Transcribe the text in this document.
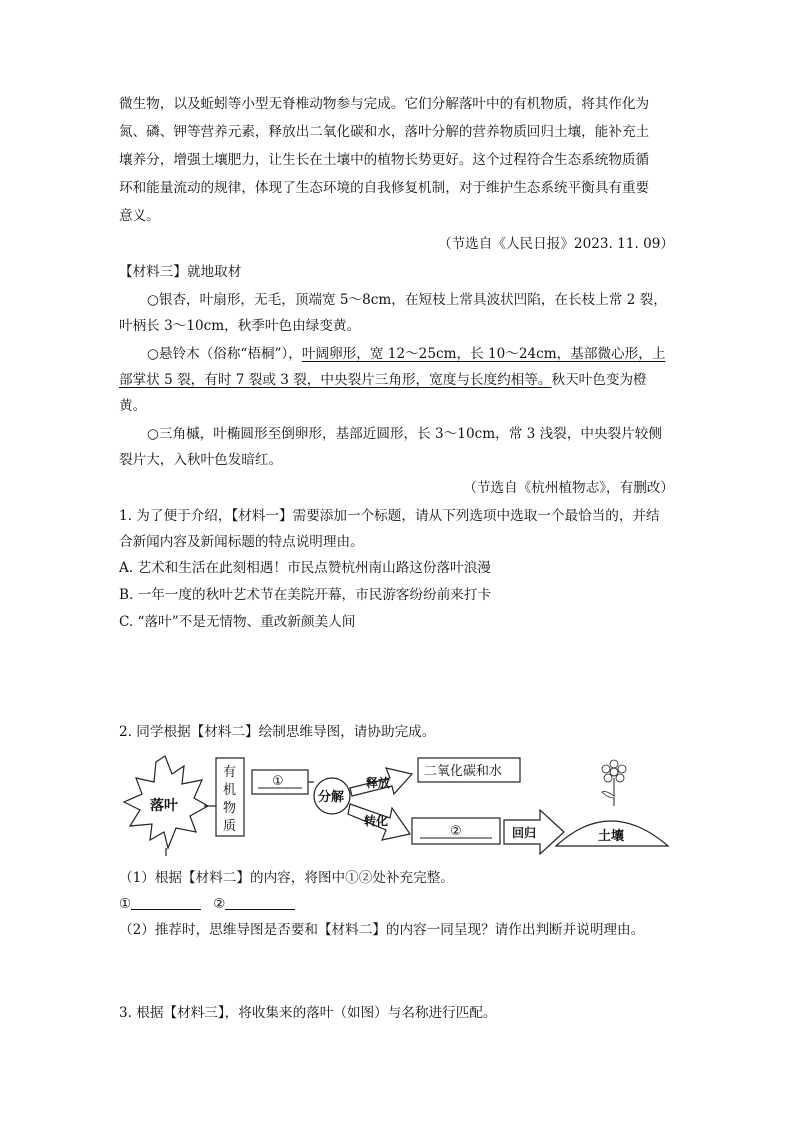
微生物，以及蚯蚓等小型无脊椎动物参与完成。它们分解落叶中的有机物质，将其作化为
氮、磷、钾等营养元素，释放出二氧化碳和水，落叶分解的营养物质回归土壤，能补充土
壤养分，增强土壤肥力，让生长在土壤中的植物长势更好。这个过程符合生态系统物质循
环和能量流动的规律，体现了生态环境的自我修复机制，对于维护生态系统平衡具有重要
意义。
（节选自《人民日报》2023. 11. 09）
【材料三】就地取材
○银杏，叶扇形，无毛，顶端宽 5～8cm，在短枝上常具波状凹陷，在长枝上常 2 裂，
叶柄长 3～10cm，秋季叶色由绿变黄。
○悬铃木（俗称“梧桐”），叶阔卵形，宽 12～25cm，长 10～24cm，基部微心形，上
部掌状 5 裂，有时 7 裂或 3 裂，中央裂片三角形，宽度与长度约相等。秋天叶色变为橙
黄。
○三角槭，叶椭圆形至倒卵形，基部近圆形，长 3～10cm，常 3 浅裂，中央裂片较侧
裂片大，入秋叶色发暗红。
（节选自《杭州植物志》，有删改）
1. 为了便于介绍，【材料一】需要添加一个标题，请从下列选项中选取一个最恰当的，并结
合新闻内容及新闻标题的特点说明理由。
A. 艺术和生活在此刻相遇！市民点赞杭州南山路这份落叶浪漫
B. 一年一度的秋叶艺术节在美院开幕，市民游客纷纷前来打卡
C. “落叶”不是无情物、重改新颜美人间
2. 同学根据【材料二】绘制思维导图，请协助完成。
落叶
有
机
物
质
①
分解
释放
二氧化碳和水
转化
②	回归	土壤
（1）根据【材料二】的内容，将图中①②处补充完整。
①	②
（2）推荐时，思维导图是否要和【材料二】的内容一同呈现？请作出判断并说明理由。
3. 根据【材料三】，将收集来的落叶（如图）与名称进行匹配。
